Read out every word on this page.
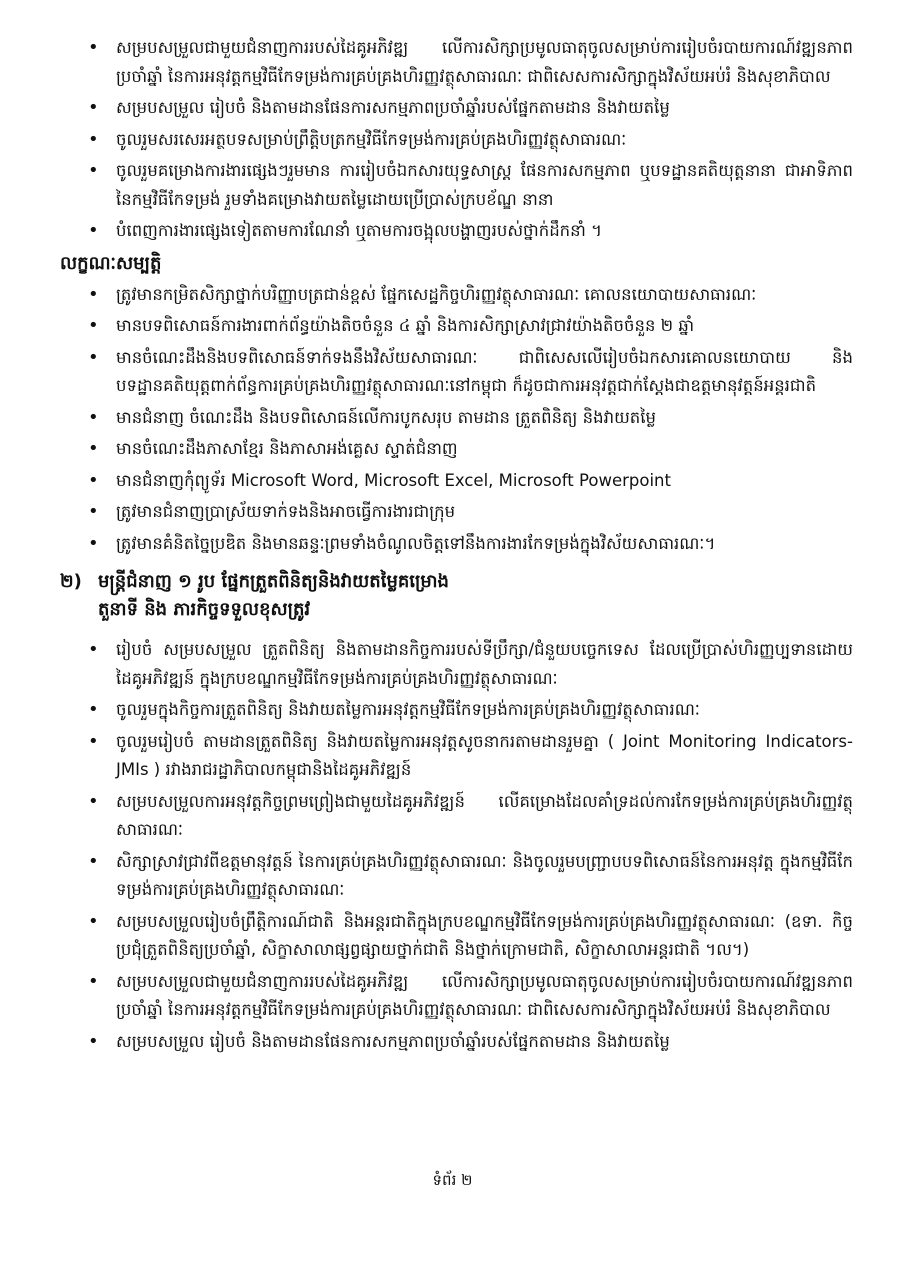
• សម្របសម្រួលជាមួយជំនាញការរបស់ដៃគូអភិវឌ្ឍ លើការសិក្សាប្រមូលធាតុចូលសម្រាប់ការរៀបចំរបាយការណ៍វឌ្ឍនភាពប្រចាំឆ្នាំ នៃការអនុវត្តកម្មវិធីកែទម្រង់ការគ្រប់គ្រងហិរញ្ញវត្ថុសាធារណៈ ជាពិសេសការសិក្សាក្នុងវិស័យអប់រំ និងសុខាភិបាល
• សម្របសម្រួល រៀបចំ និងតាមដានផែនការសកម្មភាពប្រចាំឆ្នាំរបស់ផ្នែកតាមដាន និងវាយតម្លៃ
• ចូលរួមសរសេរអត្ថបទសម្រាប់ព្រឹត្តិបត្រកម្មវិធីកែទម្រង់ការគ្រប់គ្រងហិរញ្ញវត្ថុសាធារណៈ
• ចូលរួមគម្រោងការងារផ្សេងៗរួមមាន ការរៀបចំឯកសារយុទ្ធសាស្ត្រ ផែនការសកម្មភាព ឬបទដ្ឋានគតិយុត្តនានា ជាអាទិភាពនៃកម្មវិធីកែទម្រង់ រួមទាំងគម្រោងវាយតម្លៃដោយប្រើប្រាស់ក្របខ័ណ្ឌ នានា
• បំពេញការងារផ្សេងទៀតតាមការណែនាំ ឬតាមការចង្អុលបង្ហាញរបស់ថ្នាក់ដឹកនាំ ។
លក្ខណៈសម្បត្តិ
• ត្រូវមានកម្រិតសិក្សាថ្នាក់បរិញ្ញាបត្រជាន់ខ្ពស់ ផ្នែកសេដ្ឋកិច្ចហិរញ្ញវត្ថុសាធារណៈ គោលនយោបាយសាធារណៈ
• មានបទពិសោធន៍ការងារពាក់ព័ន្ធយ៉ាងតិចចំនួន ៤ ឆ្នាំ និងការសិក្សាស្រាវជ្រាវយ៉ាងតិចចំនួន ២ ឆ្នាំ
• មានចំណេះដឹងនិងបទពិសោធន៍ទាក់ទងនឹងវិស័យសាធារណៈ ជាពិសេសលើរៀបចំឯកសារគោលនយោបាយ និងបទដ្ឋានគតិយុត្តពាក់ព័ន្ធការគ្រប់គ្រងហិរញ្ញវត្ថុសាធារណៈនៅកម្ពុជា ក៏ដូចជាការអនុវត្តជាក់ស្តែងជាឧត្តមានុវត្តន៍អន្តរជាតិ
• មានជំនាញ ចំណេះដឹង និងបទពិសោធន៍លើការបូកសរុប តាមដាន ត្រួតពិនិត្យ និងវាយតម្លៃ
• មានចំណេះដឹងភាសាខ្មែរ និងភាសាអង់គ្លេស ស្ទាត់ជំនាញ
• មានជំនាញកុំព្យូទ័រ Microsoft Word, Microsoft Excel, Microsoft Powerpoint
• ត្រូវមានជំនាញប្រាស្រ័យទាក់ទងនិងអាចធ្វើការងារជាក្រុម
• ត្រូវមានគំនិតច្នៃប្រឌិត និងមានឆន្ទៈព្រមទាំងចំណូលចិត្តទៅនឹងការងារកែទម្រង់ក្នុងវិស័យសាធារណៈ។
២) មន្ត្រីជំនាញ ១ រូប ផ្នែកត្រួតពិនិត្យនិងវាយតម្លៃគម្រោង
តួនាទី និង ភារកិច្ចទទួលខុសត្រូវ
• រៀបចំ សម្របសម្រួល ត្រួតពិនិត្យ និងតាមដានកិច្ចការរបស់ទីប្រឹក្សា/ជំនួយបច្ចេកទេស ដែលប្រើប្រាស់ហិរញ្ញប្បទានដោយដៃគូអភិវឌ្ឍន៍ ក្នុងក្របខណ្ឌកម្មវិធីកែទម្រង់ការគ្រប់គ្រងហិរញ្ញវត្ថុសាធារណៈ
• ចូលរួមក្នុងកិច្ចការត្រួតពិនិត្យ និងវាយតម្លៃការអនុវត្តកម្មវិធីកែទម្រង់ការគ្រប់គ្រងហិរញ្ញវត្ថុសាធារណៈ
• ចូលរួមរៀបចំ តាមដានត្រួតពិនិត្យ និងវាយតម្លៃការអនុវត្តសូចនាករតាមដានរួមគ្នា ( Joint Monitoring Indicators-JMIs ) រវាងរាជរដ្ឋាភិបាលកម្ពុជានិងដៃគូអភិវឌ្ឍន៍
• សម្របសម្រួលការអនុវត្តកិច្ចព្រមព្រៀងជាមួយដៃគូអភិវឌ្ឍន៍ លើគម្រោងដែលគាំទ្រដល់ការកែទម្រង់ការគ្រប់គ្រងហិរញ្ញវត្ថុសាធារណៈ
• សិក្សាស្រាវជ្រាវពីឧត្តមានុវត្តន៍ នៃការគ្រប់គ្រងហិរញ្ញវត្ថុសាធារណៈ និងចូលរួមបញ្ជ្រាបបទពិសោធន៍នៃការអនុវត្ត ក្នុងកម្មវិធីកែទម្រង់ការគ្រប់គ្រងហិរញ្ញវត្ថុសាធារណៈ
• សម្របសម្រួលរៀបចំព្រឹត្តិការណ៍ជាតិ និងអន្តរជាតិក្នុងក្របខណ្ឌកម្មវិធីកែទម្រង់ការគ្រប់គ្រងហិរញ្ញវត្ថុសាធារណៈ (ឧទា. កិច្ចប្រជុំត្រួតពិនិត្យប្រចាំឆ្នាំ, សិក្ខាសាលាផ្សព្វផ្សាយថ្នាក់ជាតិ និងថ្នាក់ក្រោមជាតិ, សិក្ខាសាលាអន្តរជាតិ ។ល។)
• សម្របសម្រួលជាមួយជំនាញការរបស់ដៃគូអភិវឌ្ឍ លើការសិក្សាប្រមូលធាតុចូលសម្រាប់ការរៀបចំរបាយការណ៍វឌ្ឍនភាពប្រចាំឆ្នាំ នៃការអនុវត្តកម្មវិធីកែទម្រង់ការគ្រប់គ្រងហិរញ្ញវត្ថុសាធារណៈ ជាពិសេសការសិក្សាក្នុងវិស័យអប់រំ និងសុខាភិបាល
• សម្របសម្រួល រៀបចំ និងតាមដានផែនការសកម្មភាពប្រចាំឆ្នាំរបស់ផ្នែកតាមដាន និងវាយតម្លៃ
ទំព័រ ២
